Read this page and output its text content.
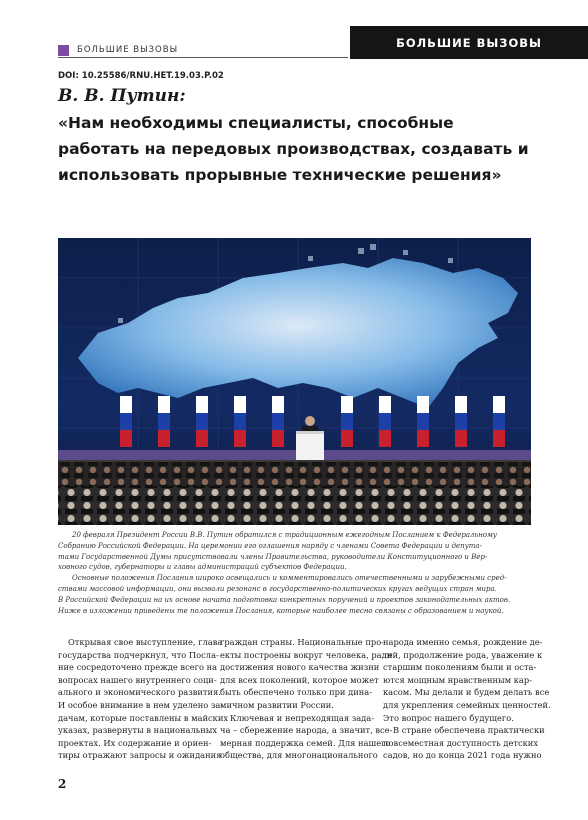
БОЛЬШИЕ ВЫЗОВЫ
БОЛЬШИЕ ВЫЗОВЫ
DOI: 10.25586/RNU.HET.19.03.P.02
В. В. Путин:
«Нам необходимы специалисты, способные
работать на передовых производствах, создавать и
использовать прорывные технические решения»

20 февраля Президент России В.В. Путин обратился с традиционным ежегодным Посланием к Федеральному
Собранию Российской Федерации. На церемонии его оглашения наряду с членами Совета Федерации и депута-
тами Государственной Думы присутствовали члены Правительства, руководители Конституционного и Вер-
ховного судов, губернаторы и главы администраций субъектов Федерации.

Основные положения Послания широко освещались и комментировались отечественными и зарубежными сред-
ствами массовой информации, они вызвали резонанс в государственно-политических кругах ведущих стран мира.
В Российской Федерации на их основе начата подготовка конкретных поручений и проектов законодательных актов.
Ниже в изложении приведены те положения Послания, которые наиболее тесно связаны с образованием и наукой.

Открывая свое выступление, глава
государства подчеркнул, что Посла-
ние сосредоточено прежде всего на
вопросах нашего внутреннего соци-
ального и экономического развития.
И особое внимание в нем уделено за-
дачам, которые поставлены в майских
указах, развернуты в национальных
проектах. Их содержание и ориен-
тиры отражают запросы и ожидания
граждан страны. Национальные про-
екты построены вокруг человека, ради
достижения нового качества жизни
для всех поколений, которое может
быть обеспечено только при дина-
мичном развитии России.
Ключевая и непреходящая зада-
ча – сбережение народа, а значит, все-
мерная поддержка семей. Для нашего
общества, для многонационального
народа именно семья, рождение де-
тей, продолжение рода, уважение к
старшим поколениям были и оста-
ются мощным нравственным кар-
касом. Мы делали и будем делать все
для укрепления семейных ценностей.
Это вопрос нашего будущего.
В стране обеспечена практически
повсеместная доступность детских
садов, но до конца 2021 года нужно
2
